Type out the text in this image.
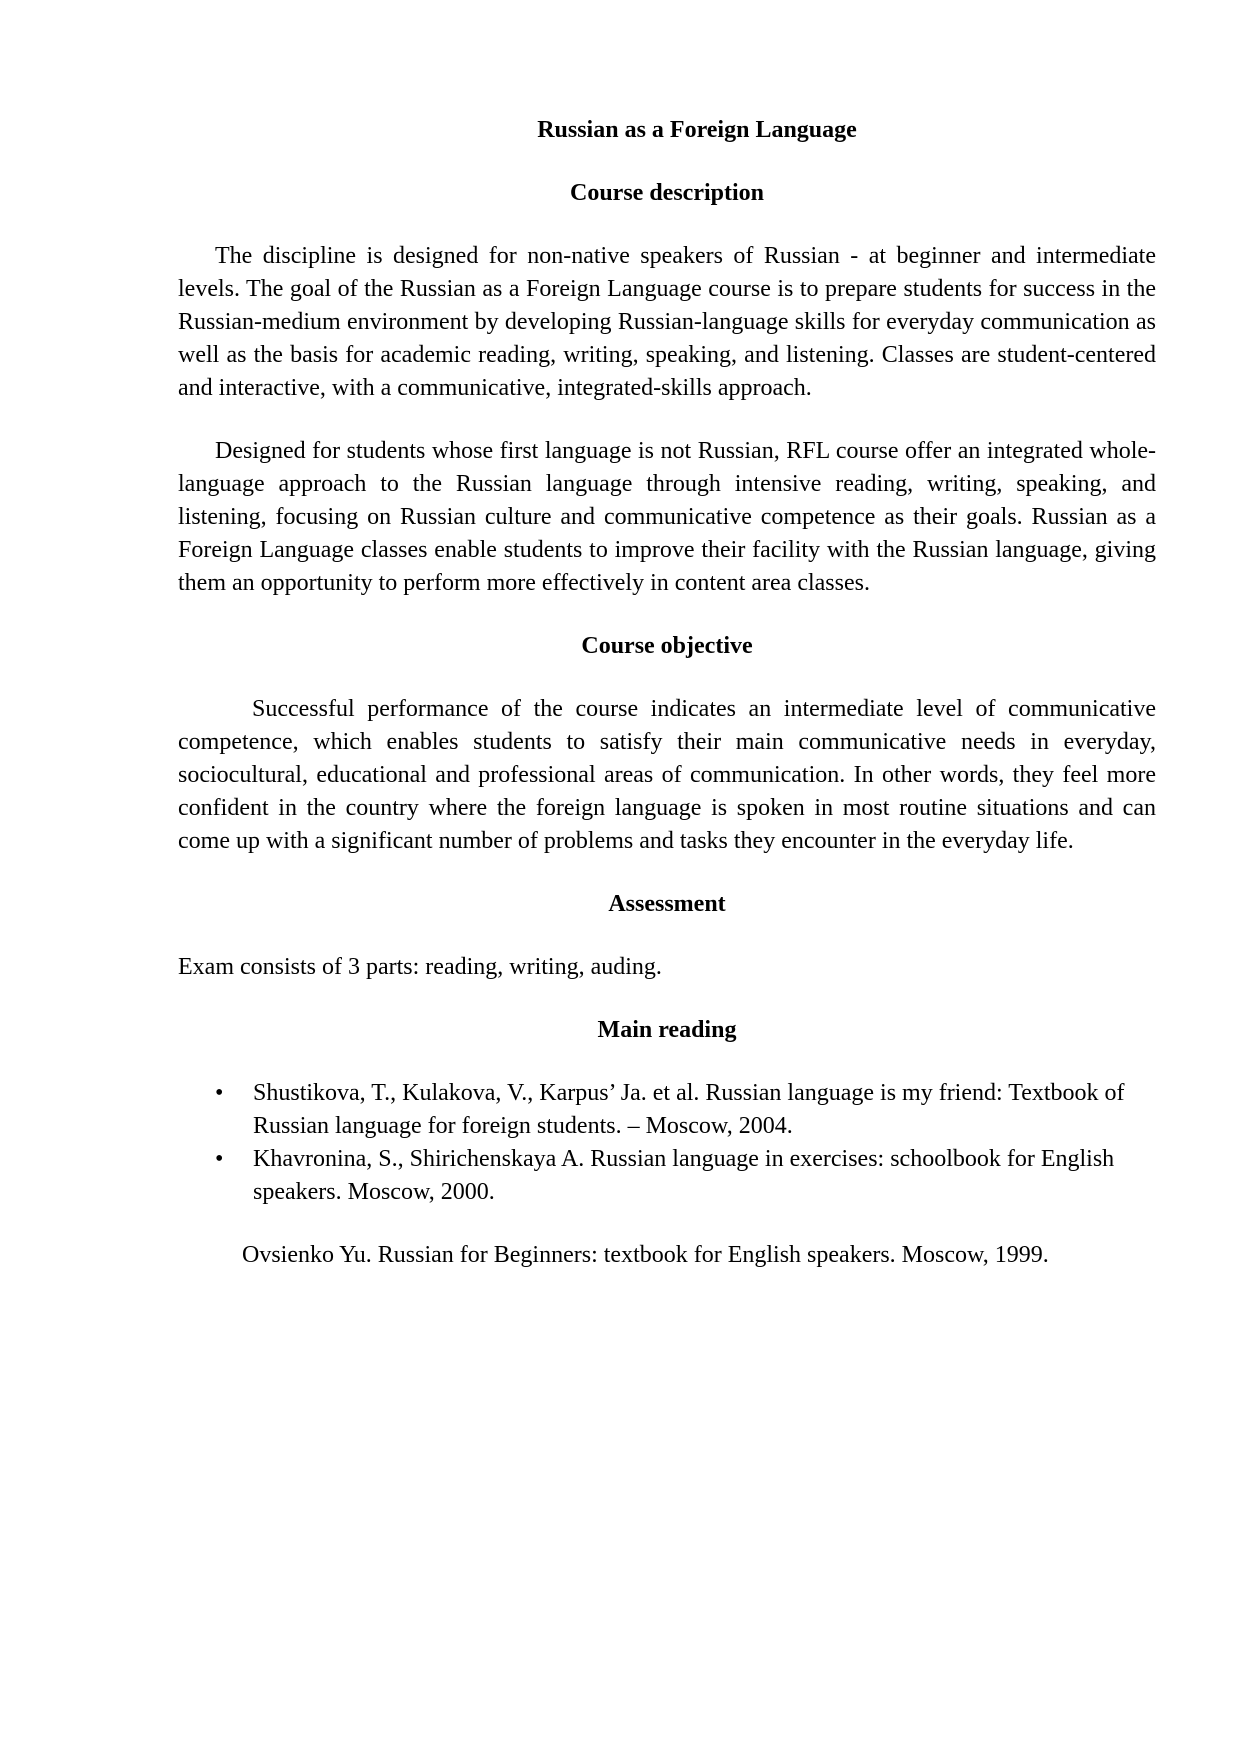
Russian as a Foreign Language
Course description

The discipline is designed for non-native speakers of Russian - at beginner and intermediate levels. The goal of the Russian as a Foreign Language course is to prepare students for success in the Russian-medium environment by developing Russian-language skills for everyday communication as well as the basis for academic reading, writing, speaking, and listening. Classes are student-centered and interactive, with a communicative, integrated-skills approach.

Designed for students whose first language is not Russian, RFL course offer an integrated whole-language approach to the Russian language through intensive reading, writing, speaking, and listening, focusing on Russian culture and communicative competence as their goals. Russian as a Foreign Language classes enable students to improve their facility with the Russian language, giving them an opportunity to perform more effectively in content area classes.

Course objective

Successful performance of the course indicates an intermediate level of communicative competence, which enables students to satisfy their main communicative needs in everyday, sociocultural, educational and professional areas of communication. In other words, they feel more confident in the country where the foreign language is spoken in most routine situations and can come up with a significant number of problems and tasks they encounter in the everyday life.

Assessment

Exam consists of 3 parts: reading, writing, auding.

Main reading
• Shustikova, T., Kulakova, V., Karpus’ Ja. et al. Russian language is my friend: Textbook of Russian language for foreign students. – Moscow, 2004.
• Khavronina, S., Shirichenskaya A. Russian language in exercises: schoolbook for English speakers. Moscow, 2000.

Ovsienko Yu. Russian for Beginners: textbook for English speakers. Moscow, 1999.
